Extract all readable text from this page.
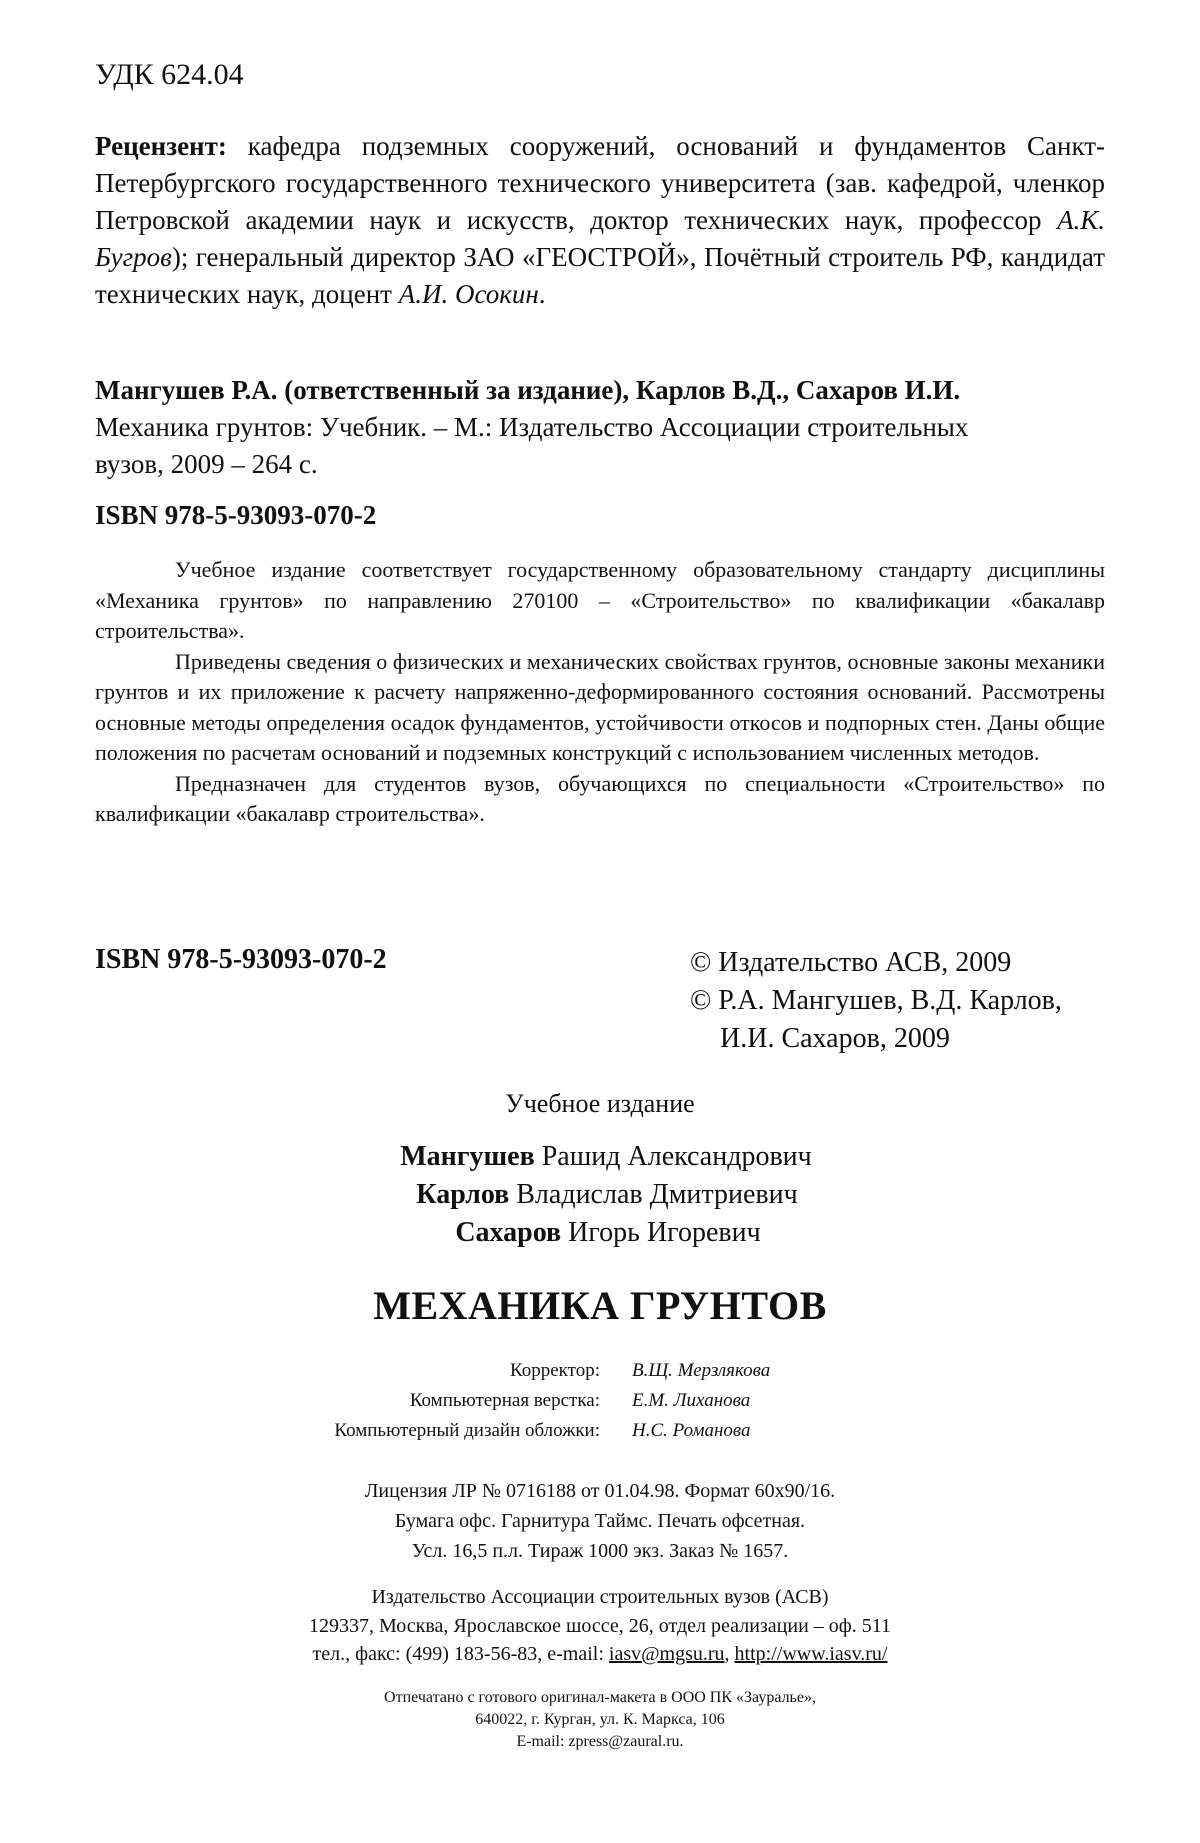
УДК 624.04
Рецензент: кафедра подземных сооружений, оснований и фундаментов Санкт-Петербургского государственного технического университета (зав. кафедрой, членкор Петровской академии наук и искусств, доктор технических наук, профессор А.К. Бугров); генеральный директор ЗАО «ГЕОСТРОЙ», Почётный строитель РФ, кандидат технических наук, доцент А.И. Осокин.
Мангушев Р.А. (ответственный за издание), Карлов В.Д., Сахаров И.И.
Механика грунтов: Учебник. – М.: Издательство Ассоциации строительных
вузов, 2009 – 264 с.
ISBN 978-5-93093-070-2

Учебное издание соответствует государственному образовательному стандарту дисциплины «Механика грунтов» по направлению 270100 – «Строительство» по квалификации «бакалавр строительства».

Приведены сведения о физических и механических свойствах грунтов, основные законы механики грунтов и их приложение к расчету напряженно-деформированного состояния оснований. Рассмотрены основные методы определения осадок фундаментов, устойчивости откосов и подпорных стен. Даны общие положения по расчетам оснований и подземных конструкций с использованием численных методов.

Предназначен для студентов вузов, обучающихся по специальности «Строительство» по квалификации «бакалавр строительства».

ISBN 978-5-93093-070-2	© Издательство АСВ, 2009
© Р.А. Мангушев, В.Д. Карлов,
И.И. Сахаров, 2009
Учебное издание
Мангушев Рашид Александрович
Карлов Владислав Дмитриевич
Сахаров Игорь Игоревич
МЕХАНИКА ГРУНТОВ
Корректор:	В.Щ. Мерзлякова
Компьютерная верстка:	Е.М. Лиханова
Компьютерный дизайн обложки:	Н.С. Романова
Лицензия ЛР № 0716188 от 01.04.98. Формат 60х90/16.
Бумага офс. Гарнитура Таймс. Печать офсетная.
Усл. 16,5 п.л. Тираж 1000 экз. Заказ № 1657.
Издательство Ассоциации строительных вузов (АСВ)
129337, Москва, Ярославское шоссе, 26, отдел реализации – оф. 511
тел., факс: (499) 183-56-83, e-mail: iasv@mgsu.ru, http://www.iasv.ru/
Отпечатано с готового оригинал-макета в ООО ПК «Зауралье»,
640022, г. Курган, ул. К. Маркса, 106
E-mail: zpress@zaural.ru.
